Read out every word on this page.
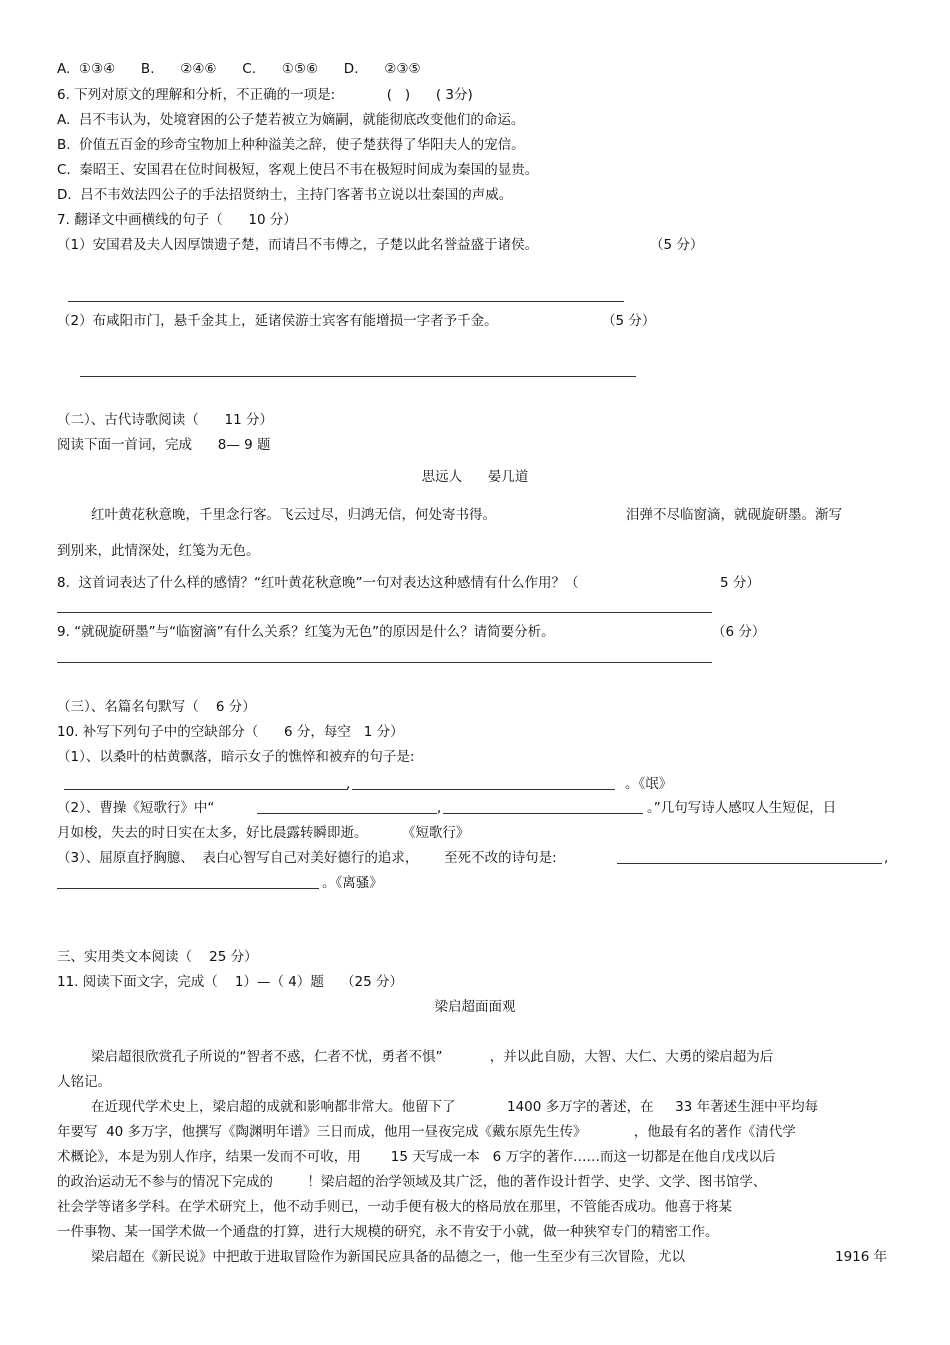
A.  ①③④      B.      ②④⑥      C.      ①⑤⑥      D.      ②③⑤
6. 下列对原文的理解和分析，不正确的一项是:            (   )      ( 3分)
A.  吕不韦认为，处境窘困的公子楚若被立为嫡嗣，就能彻底改变他们的命运。
B.  价值五百金的珍奇宝物加上种种溢美之辞，使子楚获得了华阳夫人的宠信。
C.  秦昭王、安国君在位时间极短，客观上使吕不韦在极短时间成为秦国的显贵。
D.  吕不韦效法四公子的手法招贤纳士，主持门客著书立说以壮秦国的声威。
7. 翻译文中画横线的句子（      10 分）
（1）安国君及夫人因厚馈遗子楚，而请吕不韦傅之，子楚以此名誉益盛于诸侯。	（5 分）
（2）布咸阳市门，悬千金其上，延诸侯游士宾客有能增损一字者予千金。	（5 分）
（二）、古代诗歌阅读（      11 分）
阅读下面一首词，完成      8— 9 题
思远人      晏几道
红叶黄花秋意晚，千里念行客。飞云过尽，归鸿无信，何处寄书得。	泪弹不尽临窗滴，就砚旋研墨。渐写
到别来，此情深处，红笺为无色。
8.  这首词表达了什么样的感情？“红叶黄花秋意晚”一句对表达这种感情有什么作用？（	5 分）
9. “就砚旋研墨”与“临窗滴”有什么关系？红笺为无色”的原因是什么？请简要分析。	（6 分）
（三）、名篇名句默写（    6 分）
10. 补写下列句子中的空缺部分（      6 分，每空   1 分）
（1）、以桑叶的枯黄飘落，暗示女子的憔悴和被弃的句子是:
,	。《氓》
（2）、曹操《短歌行》中“	,	。”几句写诗人感叹人生短促，日
月如梭，失去的时日实在太多，好比晨露转瞬即逝。        《短歌行》
（3）、屈原直抒胸臆、  表白心智写自己对美好德行的追求，      至死不改的诗句是:	,
。《离骚》
三、实用类文本阅读（    25 分）
11. 阅读下面文字，完成（    1）—（ 4）题    （25 分）
梁启超面面观
梁启超很欣赏孔子所说的“智者不惑，仁者不忧，勇者不惧”           ，并以此自励，大智、大仁、大勇的梁启超为后
人铭记。
在近现代学术史上，梁启超的成就和影响都非常大。他留下了            1400 多万字的著述，在     33 年著述生涯中平均每
年要写  40 多万字，他撰写《陶渊明年谱》三日而成，他用一昼夜完成《戴东原先生传》           ，他最有名的著作《清代学
术概论》，本是为别人作序，结果一发而不可收，用       15 天写成一本   6 万字的著作……而这一切都是在他自戊戌以后
的政治运动无不参与的情况下完成的        ！梁启超的治学领域及其广泛，他的著作设计哲学、史学、文学、图书馆学、
社会学等诸多学科。在学术研究上，他不动手则已，一动手便有极大的格局放在那里，不管能否成功。他喜于将某
一件事物、某一国学术做一个通盘的打算，进行大规模的研究，永不肯安于小就，做一种狭窄专门的精密工作。
梁启超在《新民说》中把敢于进取冒险作为新国民应具备的品德之一，他一生至少有三次冒险，尤以	1916 年
